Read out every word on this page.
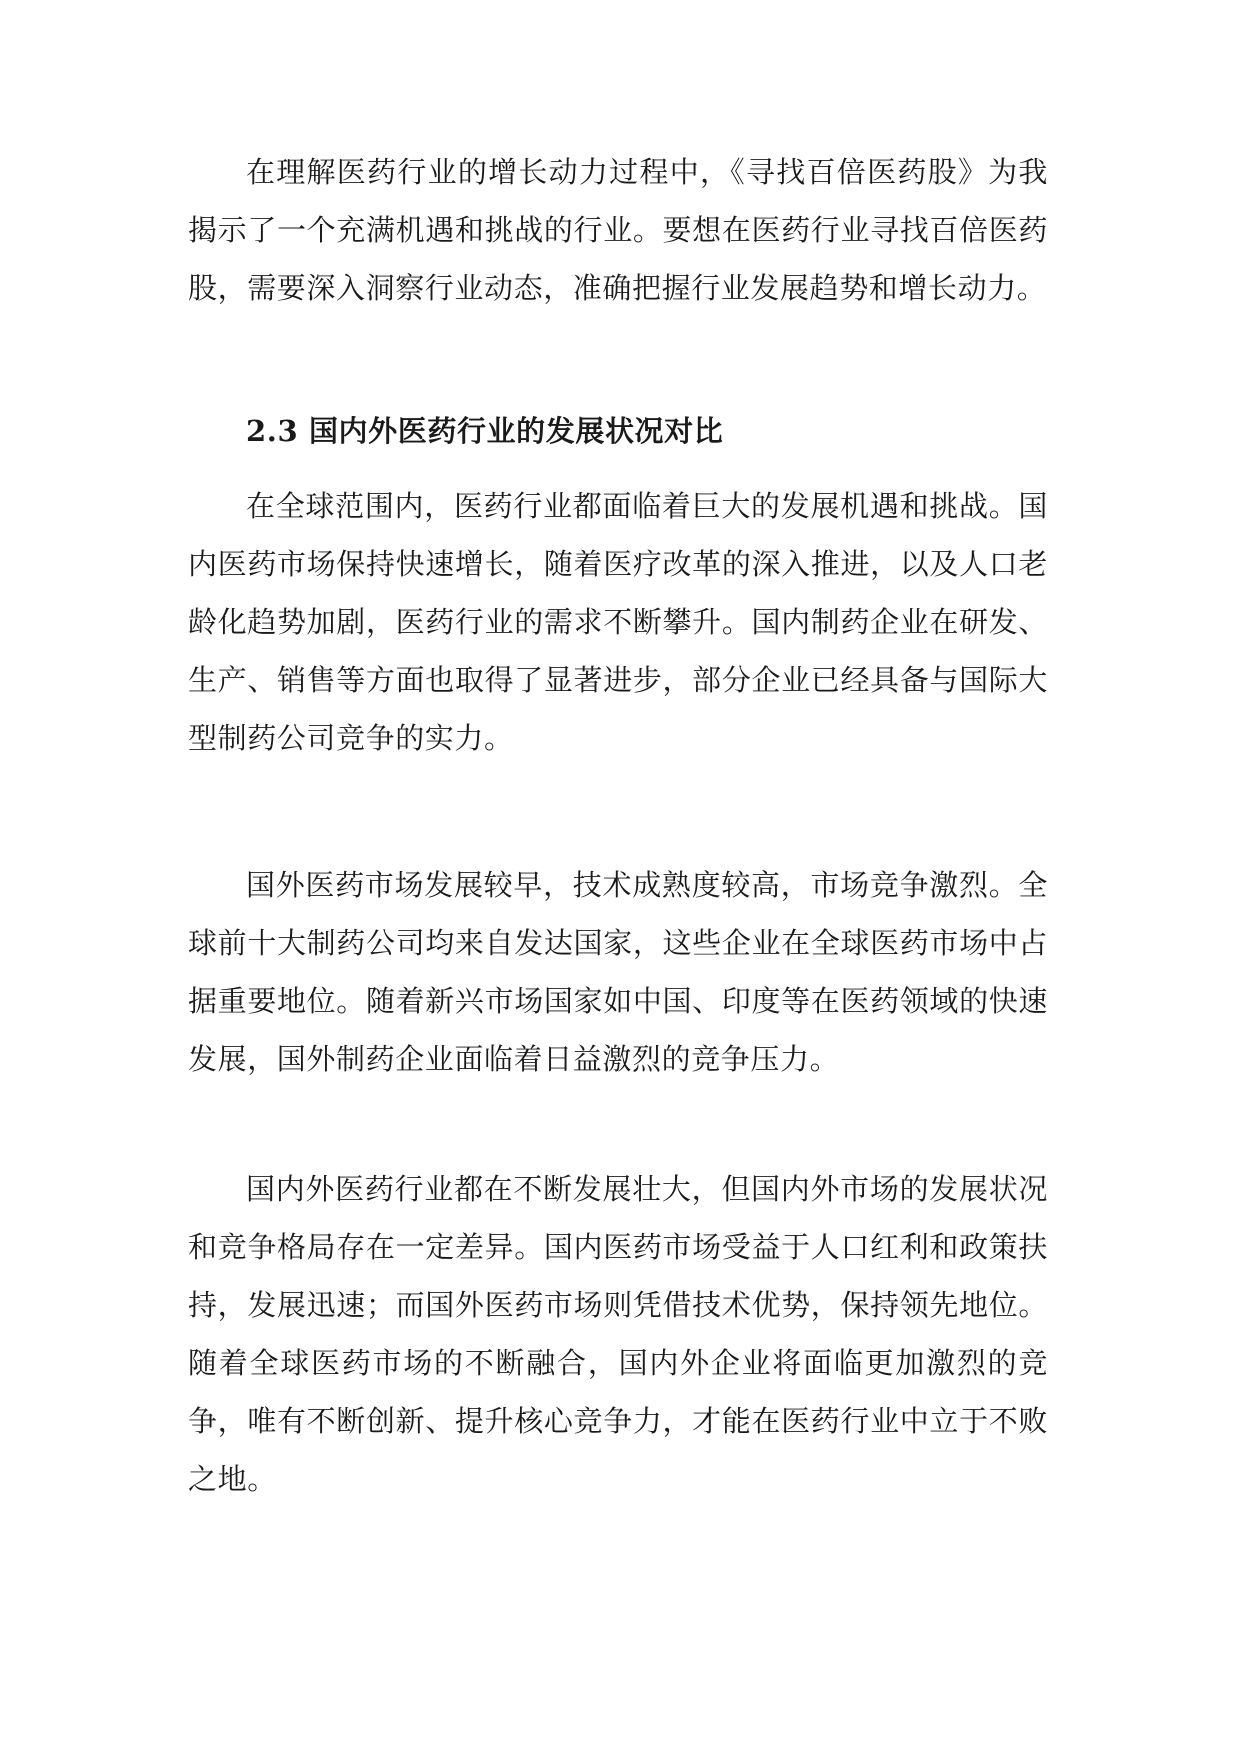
在理解医药行业的增长动力过程中，《寻找百倍医药股》为我揭示了一个充满机遇和挑战的行业。要想在医药行业寻找百倍医药股，需要深入洞察行业动态，准确把握行业发展趋势和增长动力。

2.3 国内外医药行业的发展状况对比

在全球范围内，医药行业都面临着巨大的发展机遇和挑战。国内医药市场保持快速增长，随着医疗改革的深入推进，以及人口老龄化趋势加剧，医药行业的需求不断攀升。国内制药企业在研发、生产、销售等方面也取得了显著进步，部分企业已经具备与国际大型制药公司竞争的实力。

国外医药市场发展较早，技术成熟度较高，市场竞争激烈。全球前十大制药公司均来自发达国家，这些企业在全球医药市场中占据重要地位。随着新兴市场国家如中国、印度等在医药领域的快速发展，国外制药企业面临着日益激烈的竞争压力。

国内外医药行业都在不断发展壮大，但国内外市场的发展状况和竞争格局存在一定差异。国内医药市场受益于人口红利和政策扶持，发展迅速；而国外医药市场则凭借技术优势，保持领先地位。随着全球医药市场的不断融合，国内外企业将面临更加激烈的竞争，唯有不断创新、提升核心竞争力，才能在医药行业中立于不败之地。
